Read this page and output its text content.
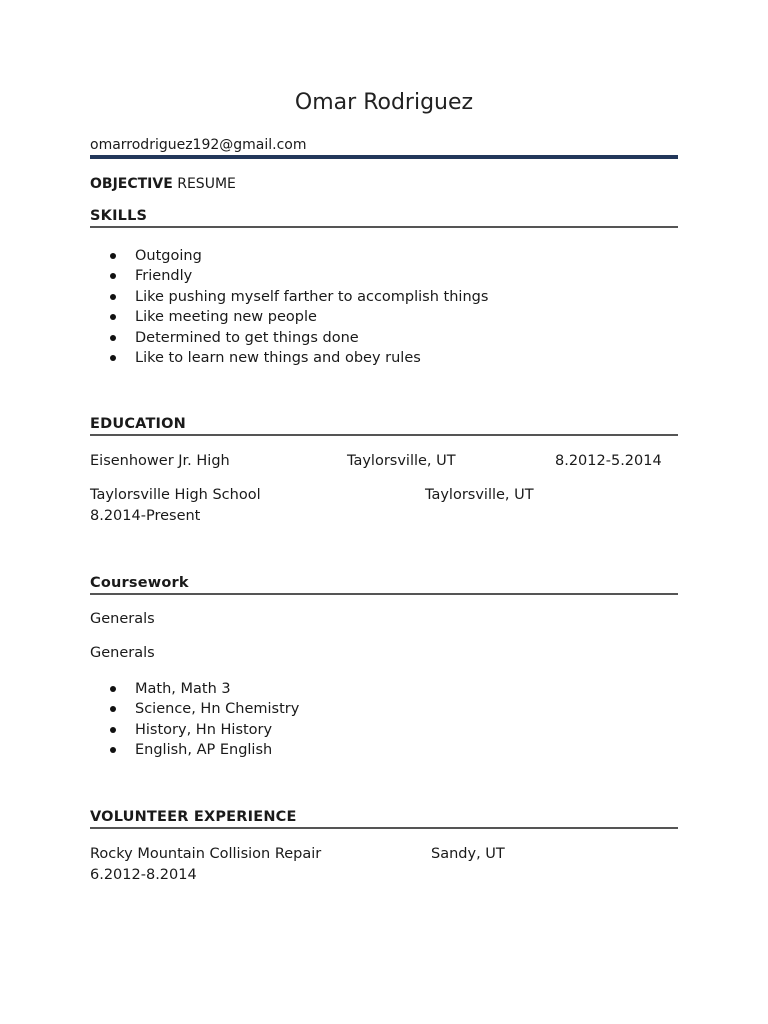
Omar Rodriguez
omarrodriguez192@gmail.com
OBJECTIVE RESUME
SKILLS
Outgoing
Friendly
Like pushing myself farther to accomplish things
Like meeting new people
Determined to get things done
Like to learn new things and obey rules
EDUCATION
Eisenhower Jr. High	Taylorsville, UT	8.2012-5.2014
Taylorsville High School	Taylorsville, UT
8.2014-Present
Coursework
Generals
Generals
Math, Math 3
Science, Hn Chemistry
History, Hn History
English, AP English
VOLUNTEER EXPERIENCE
Rocky Mountain Collision Repair	Sandy, UT
6.2012-8.2014
